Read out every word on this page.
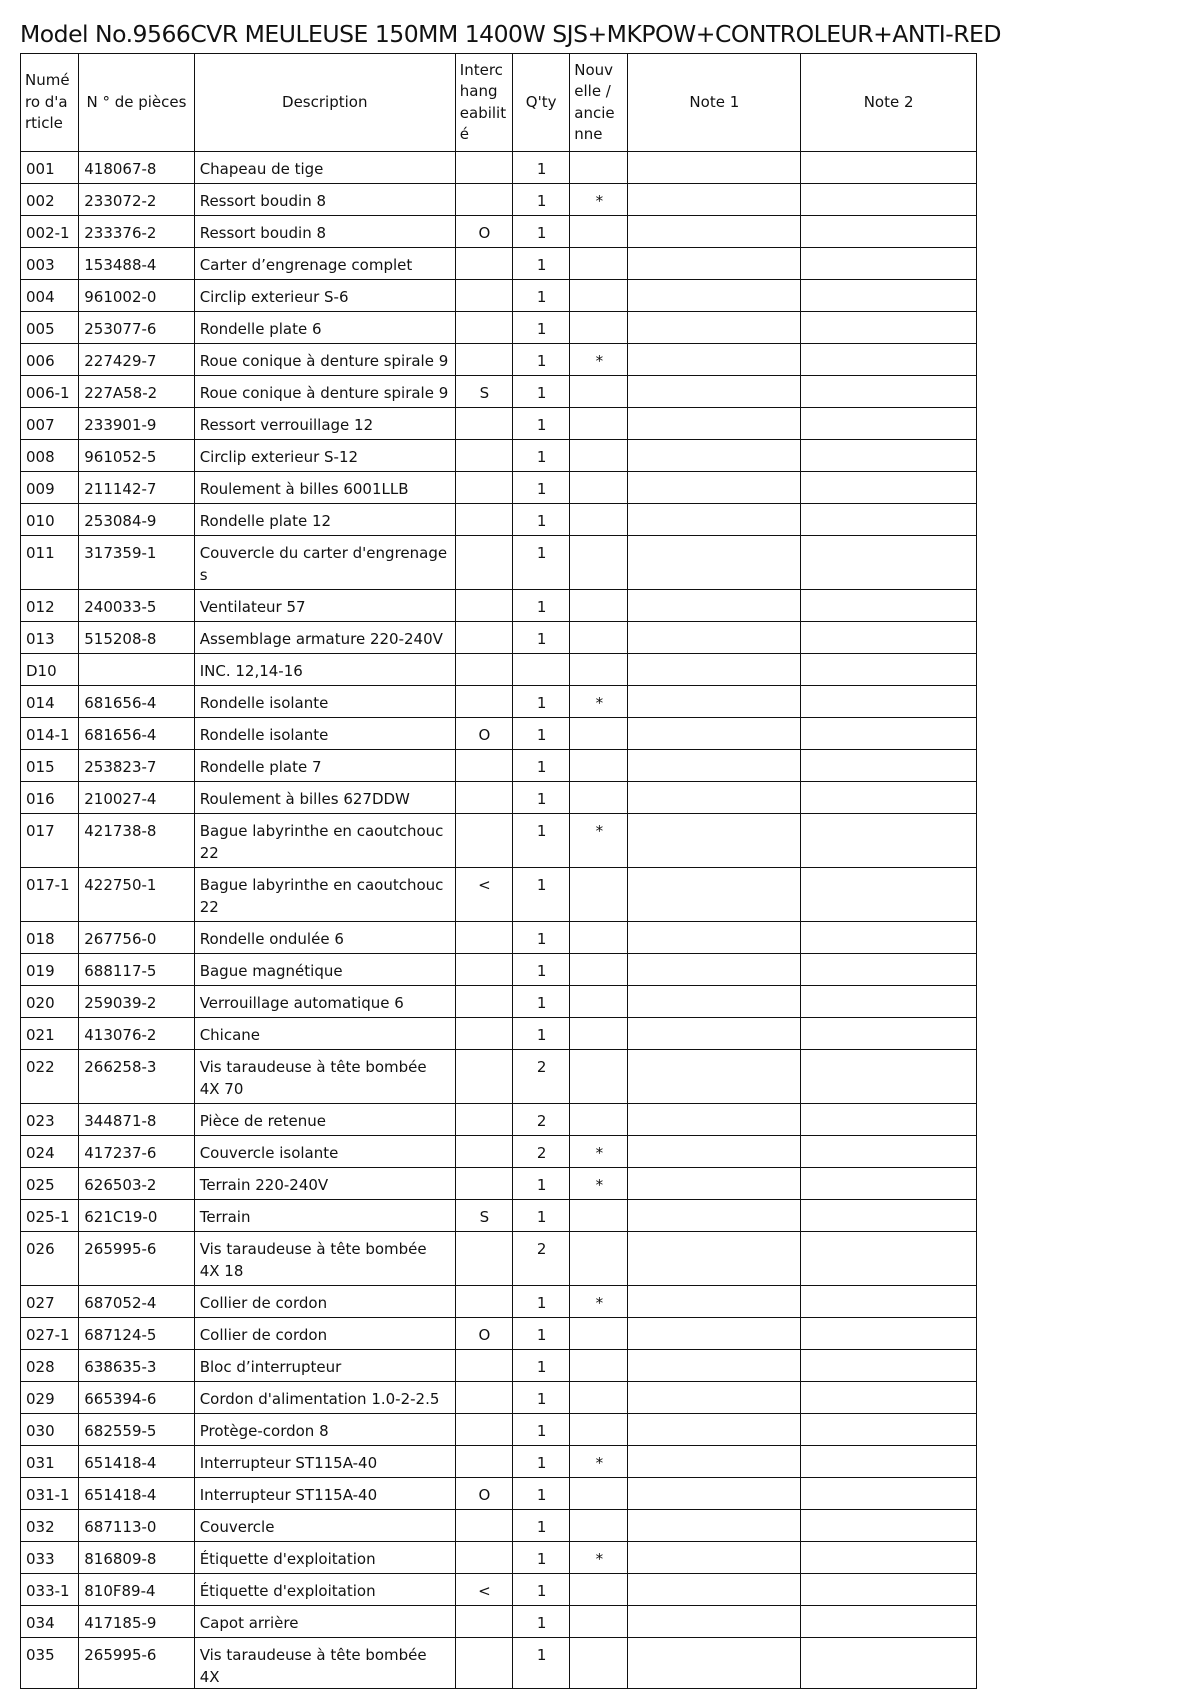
Model No.9566CVR MEULEUSE 150MM 1400W SJS+MKPOW+CONTROLEUR+ANTI-RED
Numé ro d'a rticle	N ° de pièces	Description	Interc hang eabilit é	Q'ty	Nouv elle / ancie nne	Note 1	Note 2
001	418067-8	Chapeau de tige		1			
002	233072-2	Ressort boudin 8		1	*		
002-1	233376-2	Ressort boudin 8	O	1			
003	153488-4	Carter d’engrenage complet		1			
004	961002-0	Circlip exterieur S-6		1			
005	253077-6	Rondelle plate 6		1			
006	227429-7	Roue conique à denture spirale 9		1	*		
006-1	227A58-2	Roue conique à denture spirale 9	S	1			
007	233901-9	Ressort verrouillage 12		1			
008	961052-5	Circlip exterieur S-12		1			
009	211142-7	Roulement à billes 6001LLB		1			
010	253084-9	Rondelle plate 12		1			
011	317359-1	Couvercle du carter d'engrenage s		1			
012	240033-5	Ventilateur 57		1			
013	515208-8	Assemblage armature 220-240V		1			
D10		INC. 12,14-16					
014	681656-4	Rondelle isolante		1	*		
014-1	681656-4	Rondelle isolante	O	1			
015	253823-7	Rondelle plate 7		1			
016	210027-4	Roulement à billes 627DDW		1			
017	421738-8	Bague labyrinthe en caoutchouc 22		1	*		
017-1	422750-1	Bague labyrinthe en caoutchouc 22	<	1			
018	267756-0	Rondelle ondulée 6		1			
019	688117-5	Bague magnétique		1			
020	259039-2	Verrouillage automatique 6		1			
021	413076-2	Chicane		1			
022	266258-3	Vis taraudeuse à tête bombée 4X 70		2			
023	344871-8	Pièce de retenue		2			
024	417237-6	Couvercle isolante		2	*		
025	626503-2	Terrain 220-240V		1	*		
025-1	621C19-0	Terrain	S	1			
026	265995-6	Vis taraudeuse à tête bombée 4X 18		2			
027	687052-4	Collier de cordon		1	*		
027-1	687124-5	Collier de cordon	O	1			
028	638635-3	Bloc d’interrupteur		1			
029	665394-6	Cordon d'alimentation 1.0-2-2.5		1			
030	682559-5	Protège-cordon 8		1			
031	651418-4	Interrupteur ST115A-40		1	*		
031-1	651418-4	Interrupteur ST115A-40	O	1			
032	687113-0	Couvercle		1			
033	816809-8	Étiquette d'exploitation		1	*		
033-1	810F89-4	Étiquette d'exploitation	<	1			
034	417185-9	Capot arrière		1			
035	265995-6	Vis taraudeuse à tête bombée 4X		1			
